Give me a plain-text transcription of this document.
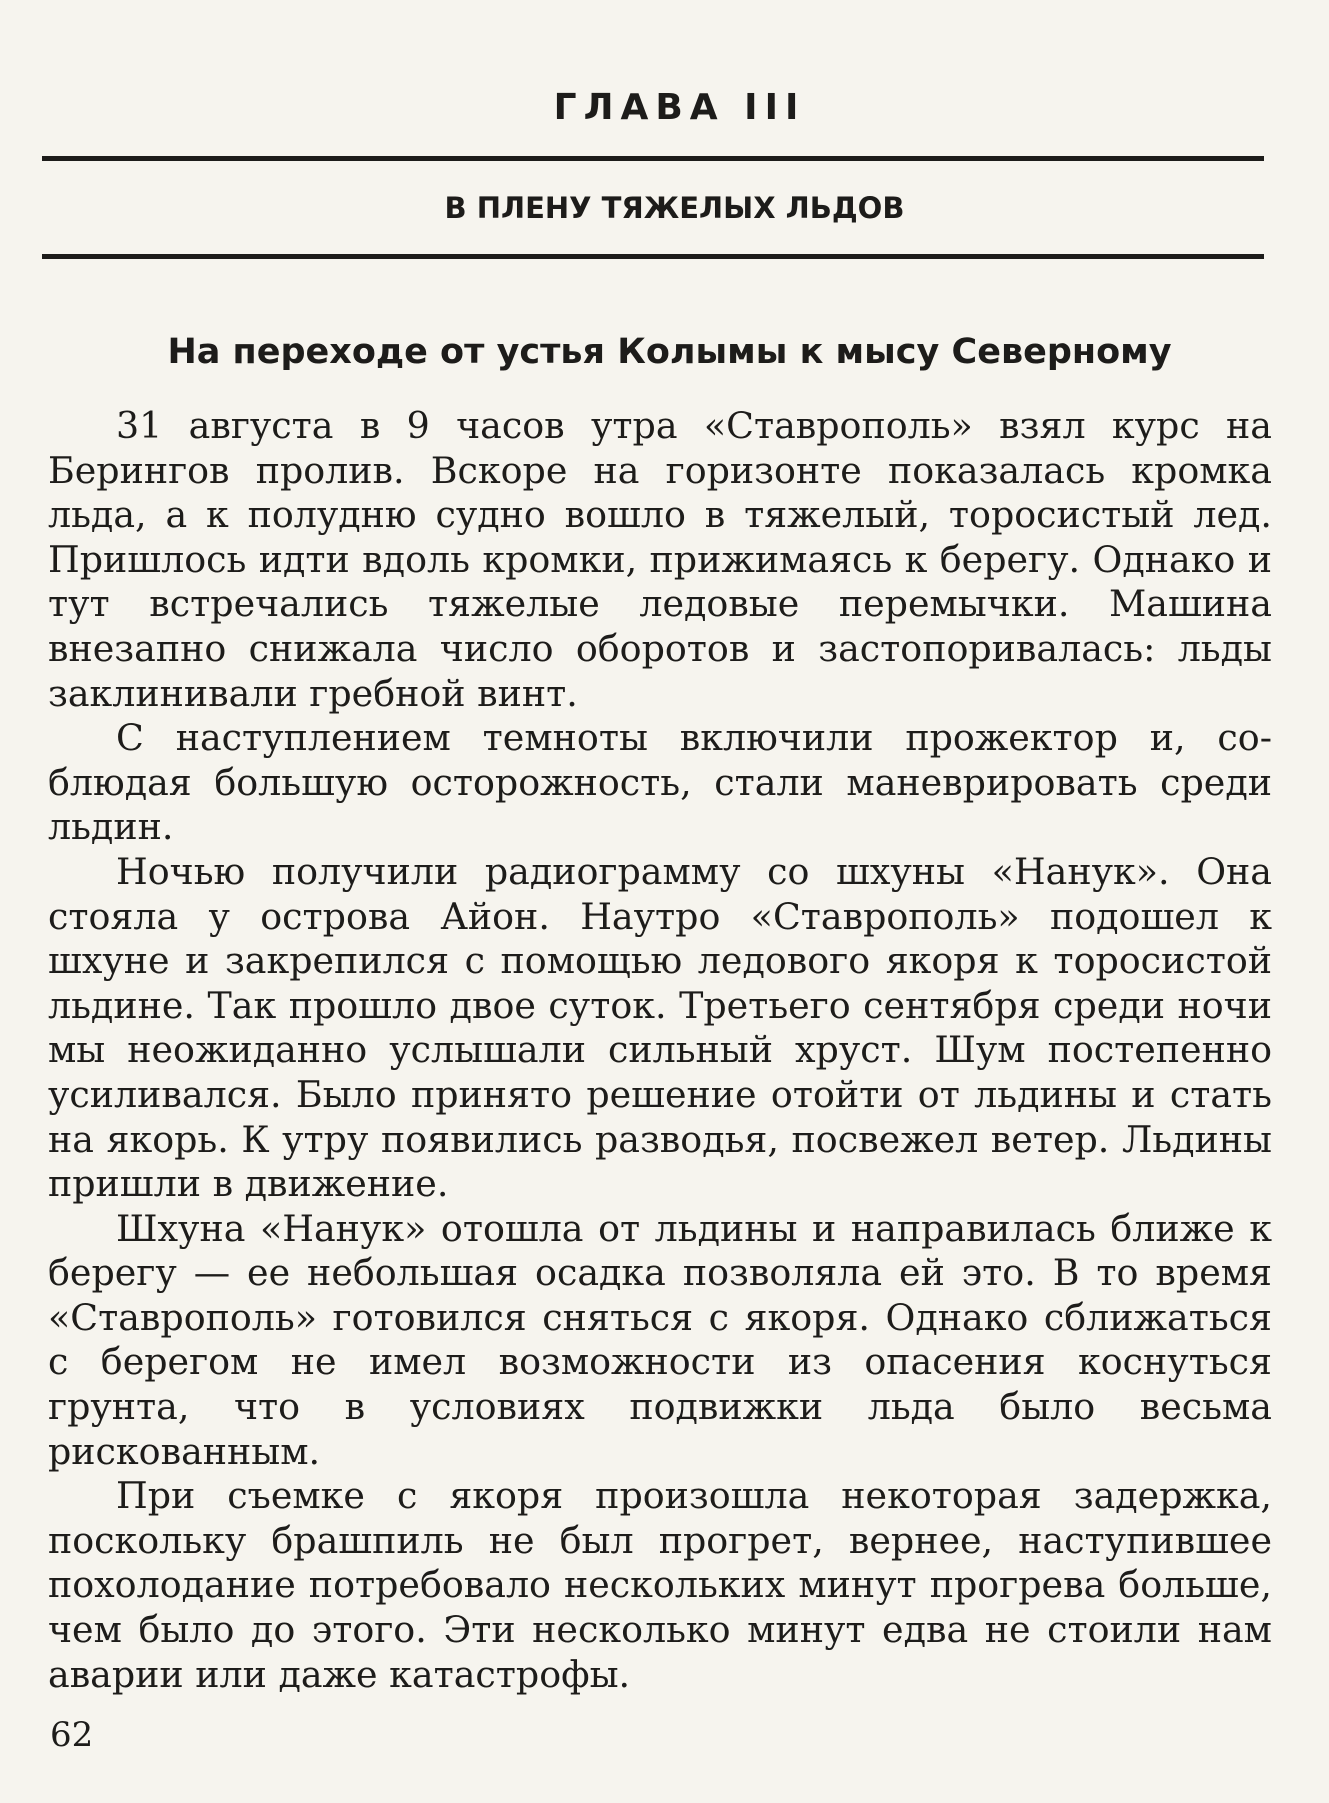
ГЛАВА III
В ПЛЕНУ ТЯЖЕЛЫХ ЛЬДОВ
На переходе от устья Колымы к мысу Северному

31 августа в 9 часов утра «Ставрополь» взял курс на Берингов пролив. Вскоре на горизонте показалась кромка льда, а к полудню судно вошло в тяжелый, торосистый лед. Пришлось идти вдоль кромки, прижимаясь к берегу. Однако и тут встречались тяжелые ледовые перемычки. Машина внезапно снижала число оборотов и застопоривалась: льды заклинивали гребной винт.

С наступлением темноты включили прожектор и, соблюдая большую осторожность, стали маневрировать среди льдин.

Ночью получили радиограмму со шхуны «Нанук». Она стояла у острова Айон. Наутро «Ставрополь» подошел к шхуне и закрепился с помощью ледового якоря к торосистой льдине. Так прошло двое суток. Третьего сентября среди ночи мы неожиданно услышали сильный хруст. Шум постепенно усиливался. Было принято решение отойти от льдины и стать на якорь. К утру появились разводья, посвежел ветер. Льдины пришли в движение.

Шхуна «Нанук» отошла от льдины и направилась ближе к берегу — ее небольшая осадка позволяла ей это. В то время «Ставрополь» готовился сняться с якоря. Однако сближаться с берегом не имел возможности из опасения коснуться грунта, что в условиях подвижки льда было весьма рискованным.

При съемке с якоря произошла некоторая задержка, поскольку брашпиль не был прогрет, вернее, наступившее похолодание потребовало нескольких минут прогрева больше, чем было до этого. Эти несколько минут едва не стоили нам аварии или даже катастрофы.

62
